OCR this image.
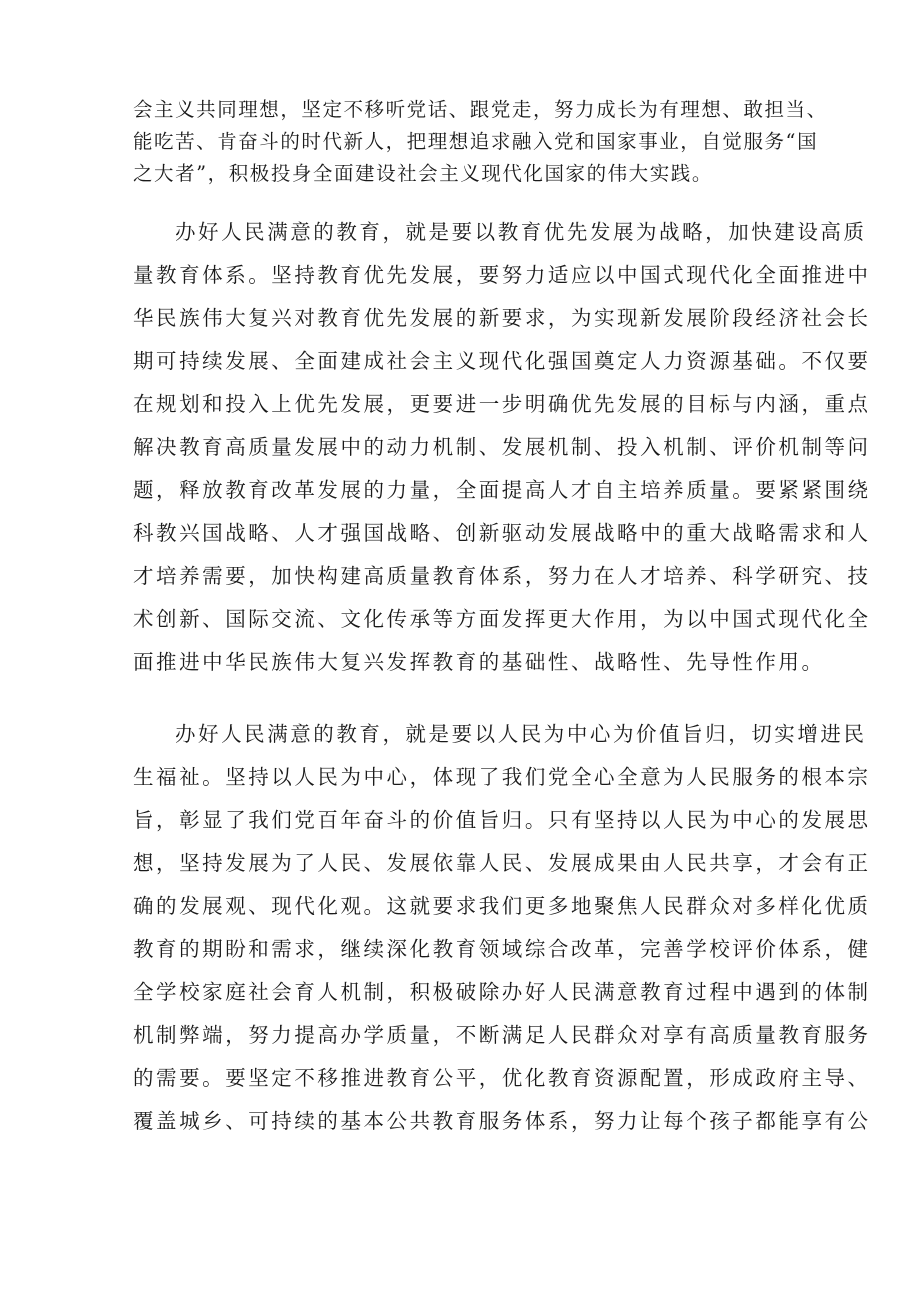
会主义共同理想，坚定不移听党话、跟党走，努力成长为有理想、敢担当、
能吃苦、肯奋斗的时代新人，把理想追求融入党和国家事业，自觉服务“国
之大者”，积极投身全面建设社会主义现代化国家的伟大实践。
办好人民满意的教育，就是要以教育优先发展为战略，加快建设高质
量教育体系。坚持教育优先发展，要努力适应以中国式现代化全面推进中
华民族伟大复兴对教育优先发展的新要求，为实现新发展阶段经济社会长
期可持续发展、全面建成社会主义现代化强国奠定人力资源基础。不仅要
在规划和投入上优先发展，更要进一步明确优先发展的目标与内涵，重点
解决教育高质量发展中的动力机制、发展机制、投入机制、评价机制等问
题，释放教育改革发展的力量，全面提高人才自主培养质量。要紧紧围绕
科教兴国战略、人才强国战略、创新驱动发展战略中的重大战略需求和人
才培养需要，加快构建高质量教育体系，努力在人才培养、科学研究、技
术创新、国际交流、文化传承等方面发挥更大作用，为以中国式现代化全
面推进中华民族伟大复兴发挥教育的基础性、战略性、先导性作用。
办好人民满意的教育，就是要以人民为中心为价值旨归，切实增进民
生福祉。坚持以人民为中心，体现了我们党全心全意为人民服务的根本宗
旨，彰显了我们党百年奋斗的价值旨归。只有坚持以人民为中心的发展思
想，坚持发展为了人民、发展依靠人民、发展成果由人民共享，才会有正
确的发展观、现代化观。这就要求我们更多地聚焦人民群众对多样化优质
教育的期盼和需求，继续深化教育领域综合改革，完善学校评价体系，健
全学校家庭社会育人机制，积极破除办好人民满意教育过程中遇到的体制
机制弊端，努力提高办学质量，不断满足人民群众对享有高质量教育服务
的需要。要坚定不移推进教育公平，优化教育资源配置，形成政府主导、
覆盖城乡、可持续的基本公共教育服务体系，努力让每个孩子都能享有公
